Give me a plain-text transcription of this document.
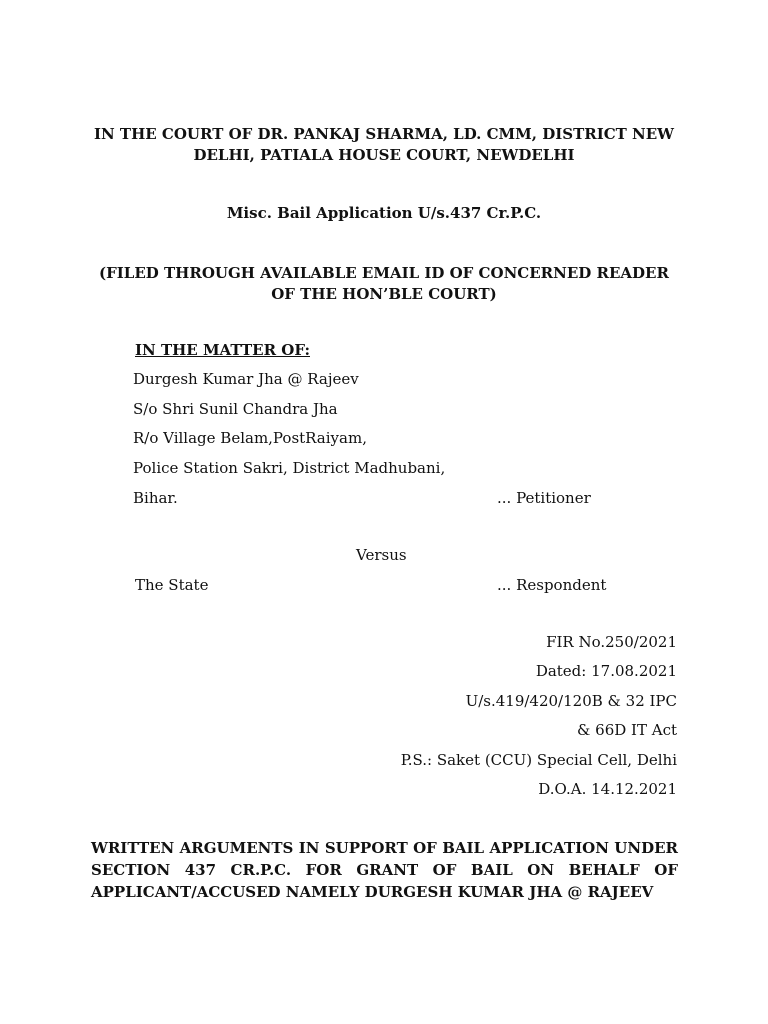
IN THE COURT OF DR. PANKAJ SHARMA, LD. CMM, DISTRICT NEW
DELHI, PATIALA HOUSE COURT, NEWDELHI
Misc. Bail Application U/s.437 Cr.P.C.
(FILED THROUGH AVAILABLE EMAIL ID OF CONCERNED READER
OF THE HON’BLE COURT)
IN THE MATTER OF:
Durgesh Kumar Jha @ Rajeev
S/o Shri Sunil Chandra Jha
R/o Village Belam,PostRaiyam,
Police Station Sakri, District Madhubani,
Bihar.	... Petitioner
Versus
The State	... Respondent
FIR No.250/2021
Dated: 17.08.2021
U/s.419/420/120B & 32 IPC
& 66D IT Act
P.S.: Saket (CCU) Special Cell, Delhi
D.O.A. 14.12.2021
WRITTEN ARGUMENTS IN SUPPORT OF BAIL APPLICATION UNDER
SECTION 437 CR.P.C. FOR GRANT OF BAIL ON BEHALF OF
APPLICANT/ACCUSED NAMELY DURGESH KUMAR JHA @ RAJEEV
